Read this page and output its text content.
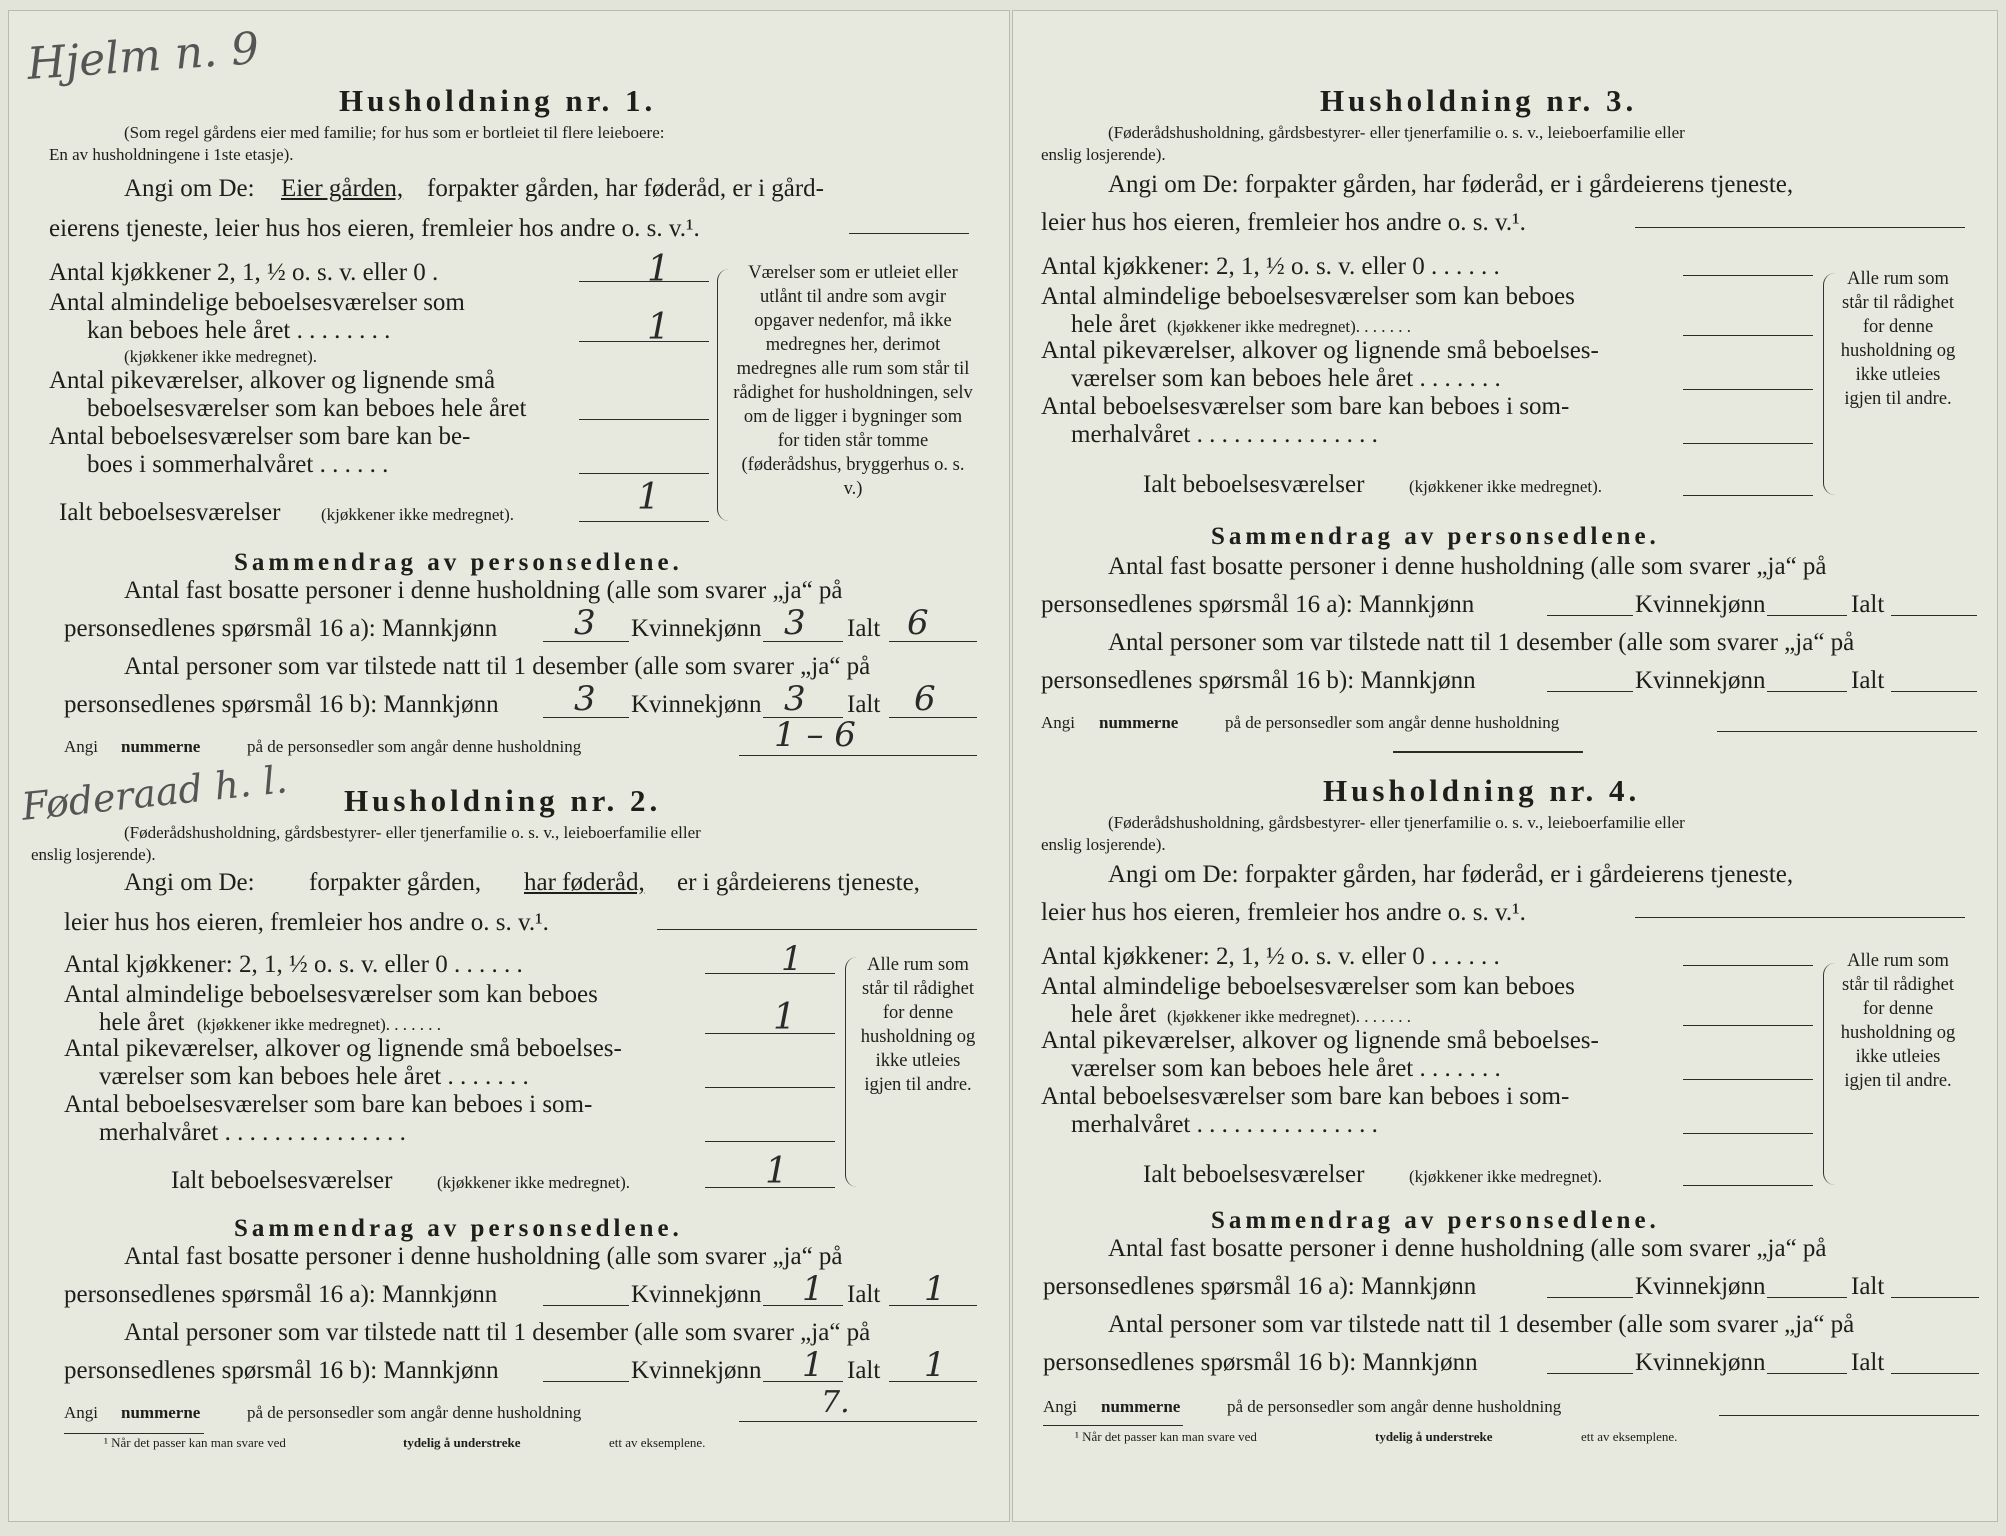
Hjelm n. 9
Husholdning nr. 1.
(Som regel gårdens eier med familie; for hus som er bortleiet til flere leieboere:
En av husholdningene i 1ste etasje).
Angi om De: Eier gården, forpakter gården, har føderåd, er i gård-
eierens tjeneste, leier hus hos eieren, fremleier hos andre o. s. v.¹.
Antal kjøkkener 2, 1, ½ o. s. v. eller 0 .	1
Antal almindelige beboelsesværelser som
kan beboes hele året . . . . . . . .
(kjøkkener ikke medregnet).
1
Antal pikeværelser, alkover og lignende små
beboelsesværelser som kan beboes hele året
Antal beboelsesværelser som bare kan be-
boes i sommerhalvåret . . . . . .
Ialt beboelsesværelser (kjøkkener ikke medregnet).	1
Værelser som er utleiet eller utlånt til andre som avgir opgaver nedenfor, må ikke medregnes her, derimot medregnes alle rum som står til rådighet for husholdningen, selv om de ligger i bygninger som for tiden står tomme (føderådshus, bryggerhus o. s. v.)
Sammendrag av personsedlene.
Antal fast bosatte personer i denne husholdning (alle som svarer „ja“ på
personsedlenes spørsmål 16 a): Mannkjønn 3 Kvinnekjønn 3 Ialt 6
Antal personer som var tilstede natt til 1 desember (alle som svarer „ja“ på
personsedlenes spørsmål 16 b): Mannkjønn 3 Kvinnekjønn 3 Ialt 6
Angi nummerne	på de personsedler som angår denne husholdning	1 – 6
Føderaad h. l. Husholdning nr. 2.
(Føderådshusholdning, gårdsbestyrer- eller tjenerfamilie o. s. v., leieboerfamilie eller
enslig losjerende).
Angi om De: forpakter gården, har føderåd, er i gårdeierens tjeneste,
leier hus hos eieren, fremleier hos andre o. s. v.¹.
Antal kjøkkener: 2, 1, ½ o. s. v. eller 0 . . . . . .	1
Antal almindelige beboelsesværelser som kan beboes
hele året (kjøkkener ikke medregnet). . . . . . .	1
Antal pikeværelser, alkover og lignende små beboelses-
værelser som kan beboes hele året . . . . . . .
Antal beboelsesværelser som bare kan beboes i som-
merhalvåret . . . . . . . . . . . . . . .
Ialt beboelsesværelser	(kjøkkener ikke medregnet).	1
Alle rum som står til rådighet for denne husholdning og ikke utleies igjen til andre.
Sammendrag av personsedlene.
Antal fast bosatte personer i denne husholdning (alle som svarer „ja“ på
personsedlenes spørsmål 16 a): Mannkjønn	Kvinnekjønn 1 Ialt 1
Antal personer som var tilstede natt til 1 desember (alle som svarer „ja“ på
personsedlenes spørsmål 16 b): Mannkjønn	Kvinnekjønn 1 Ialt 1
Angi nummerne	på de personsedler som angår denne husholdning	7.
¹ Når det passer kan man svare ved	tydelig å understreke	ett av eksemplene.
Husholdning nr. 3.
(Føderådshusholdning, gårdsbestyrer- eller tjenerfamilie o. s. v., leieboerfamilie eller
enslig losjerende).
Angi om De: forpakter gården, har føderåd, er i gårdeierens tjeneste,
leier hus hos eieren, fremleier hos andre o. s. v.¹.
Antal kjøkkener: 2, 1, ½ o. s. v. eller 0 . . . . . .
Antal almindelige beboelsesværelser som kan beboes
hele året (kjøkkener ikke medregnet). . . . . . .
Antal pikeværelser, alkover og lignende små beboelses-
værelser som kan beboes hele året . . . . . . .
Antal beboelsesværelser som bare kan beboes i som-
merhalvåret . . . . . . . . . . . . . . .
Ialt beboelsesværelser	(kjøkkener ikke medregnet).
Alle rum som står til rådighet for denne husholdning og ikke utleies igjen til andre.
Sammendrag av personsedlene.
Antal fast bosatte personer i denne husholdning (alle som svarer „ja“ på
personsedlenes spørsmål 16 a): Mannkjønn	Kvinnekjønn	Ialt
Antal personer som var tilstede natt til 1 desember (alle som svarer „ja“ på
personsedlenes spørsmål 16 b): Mannkjønn	Kvinnekjønn	Ialt
Angi nummerne	på de personsedler som angår denne husholdning
Husholdning nr. 4.
(Føderådshusholdning, gårdsbestyrer- eller tjenerfamilie o. s. v., leieboerfamilie eller
enslig losjerende).
Angi om De: forpakter gården, har føderåd, er i gårdeierens tjeneste,
leier hus hos eieren, fremleier hos andre o. s. v.¹.
Antal kjøkkener: 2, 1, ½ o. s. v. eller 0 . . . . . .
Antal almindelige beboelsesværelser som kan beboes
hele året (kjøkkener ikke medregnet). . . . . . .
Antal pikeværelser, alkover og lignende små beboelses-
værelser som kan beboes hele året . . . . . . .
Antal beboelsesværelser som bare kan beboes i som-
merhalvåret . . . . . . . . . . . . . . .
Ialt beboelsesværelser	(kjøkkener ikke medregnet).
Alle rum som står til rådighet for denne husholdning og ikke utleies igjen til andre.
Sammendrag av personsedlene.
Antal fast bosatte personer i denne husholdning (alle som svarer „ja“ på
personsedlenes spørsmål 16 a): Mannkjønn	Kvinnekjønn	Ialt
Antal personer som var tilstede natt til 1 desember (alle som svarer „ja“ på
personsedlenes spørsmål 16 b): Mannkjønn	Kvinnekjønn	Ialt
Angi nummerne	på de personsedler som angår denne husholdning
¹ Når det passer kan man svare ved	tydelig å understreke	ett av eksemplene.
